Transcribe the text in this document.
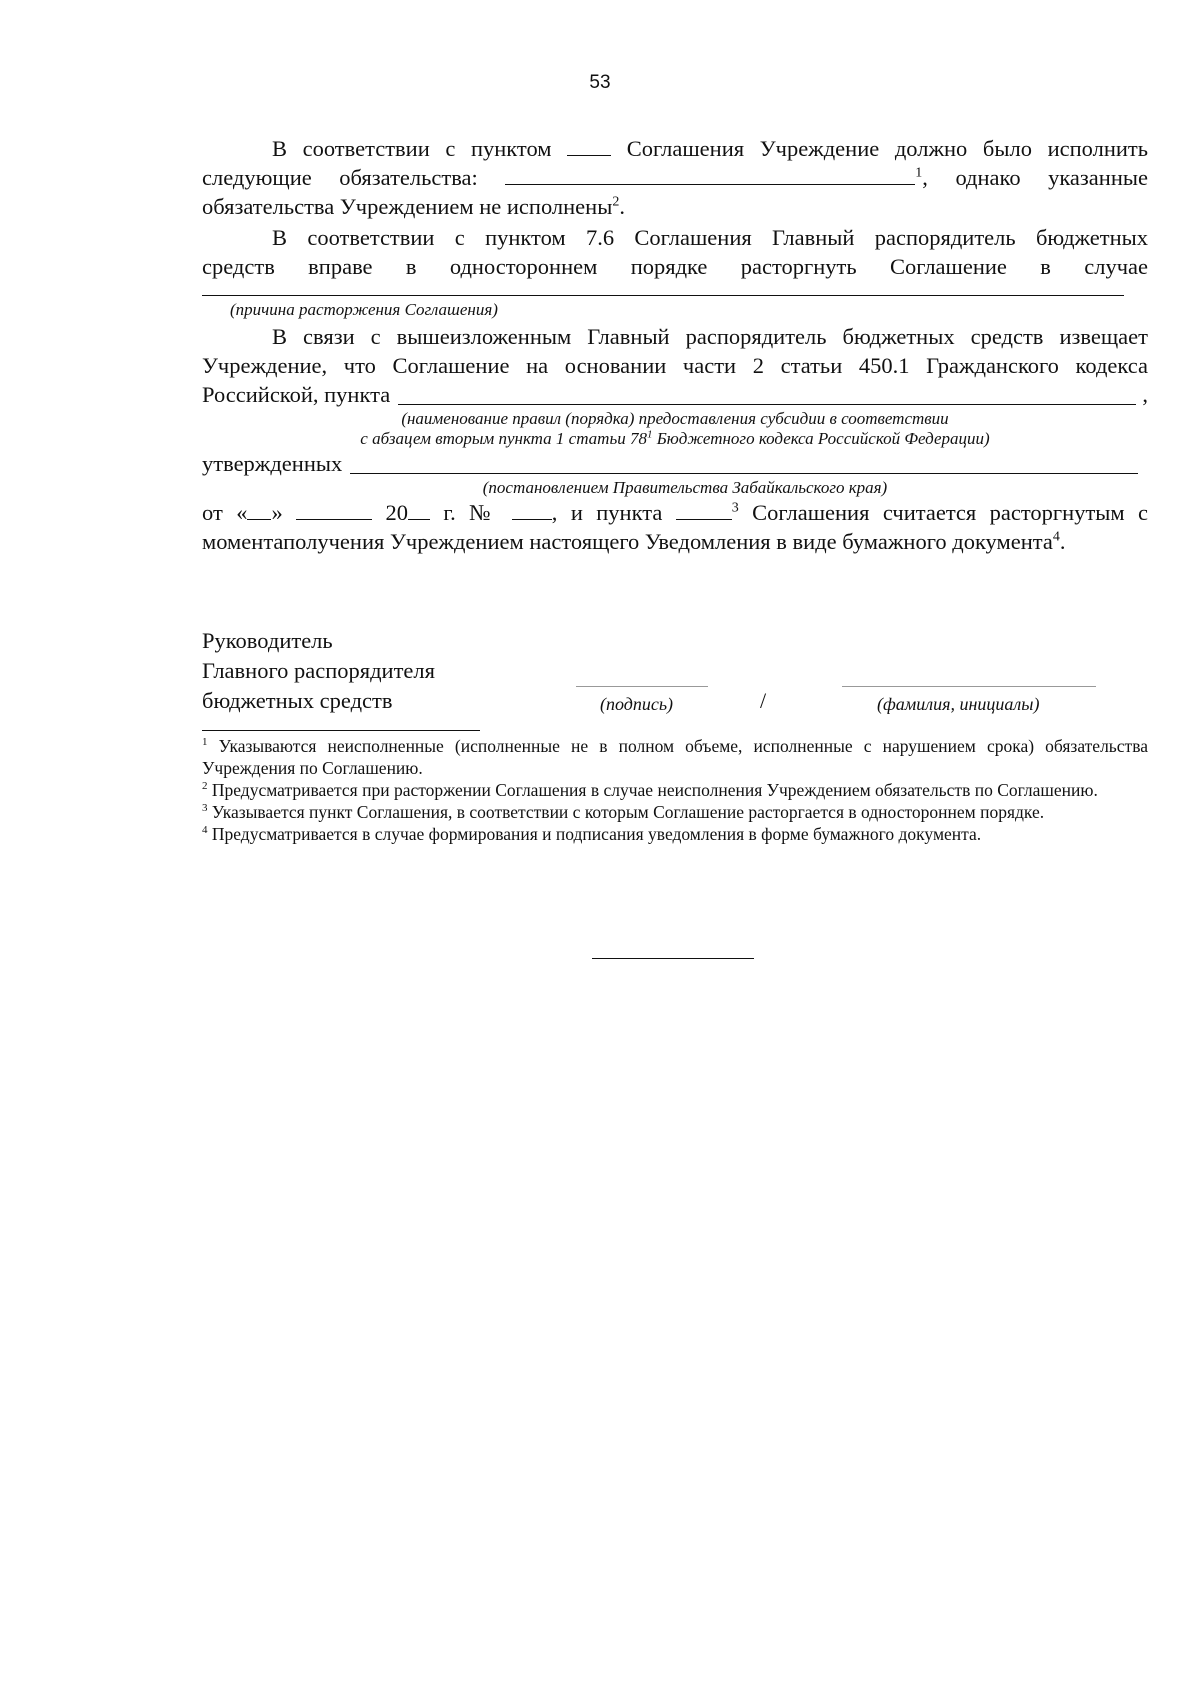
53

В соответствии с пунктом	Соглашения Учреждение должно было исполнить

следующие обязательства:	$^1$, однако указанные

обязательства Учреждением не исполнены$^2$.

В соответствии с пунктом 7.6 Соглашения Главный распорядитель бюджетных

средств вправе в одностороннем порядке расторгнуть Соглашение в случае

(причина расторжения Соглашения)

В связи с вышеизложенным Главный распорядитель бюджетных средств извещает

Учреждение, что Соглашение на основании части 2 статьи 450.1 Гражданского кодекса

Российской, пункта	,
(наименование правил (порядка) предоставления субсидии в соответствии
с абзацем вторым пункта 1 статьи $78^1$ Бюджетного кодекса Российской Федерации)
утвержденных
(постановлением Правительства Забайкальского края)

от « »	20 г. № , и пункта	$^3$ Соглашения считается расторгнутым с

моментаполучения Учреждением настоящего Уведомления в виде бумажного документа$^4$.

Руководитель
Главного распорядителя
бюджетных средств	(подпись)	/	(фамилия, инициалы)

$^1$ Указываются неисполненные (исполненные не в полном объеме, исполненные с нарушением срока) обязательства Учреждения по Соглашению.

$^2$ Предусматривается при расторжении Соглашения в случае неисполнения Учреждением обязательств по Соглашению.

$^3$ Указывается пункт Соглашения, в соответствии с которым Соглашение расторгается в одностороннем порядке.

$^4$ Предусматривается в случае формирования и подписания уведомления в форме бумажного документа.
